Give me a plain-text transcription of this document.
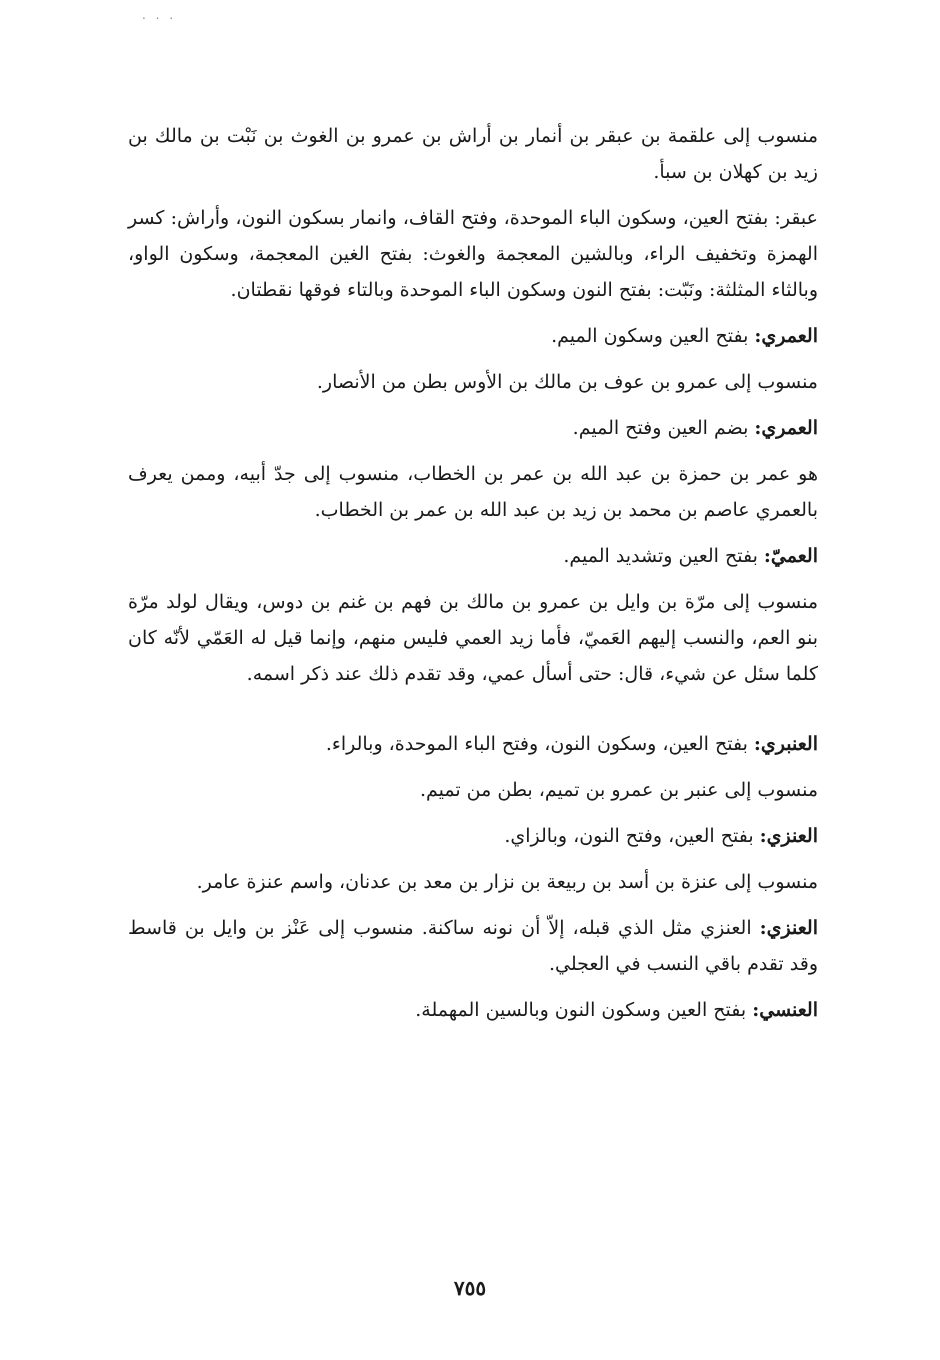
. . .

منسوب إلى علقمة بن عبقر بن أنمار بن أراش بن عمرو بن الغوث بن نَبْت بن مالك بن زيد بن كهلان بن سبأ.

عبقر: بفتح العين، وسكون الباء الموحدة، وفتح القاف، وانمار بسكون النون، وأراش: كسر الهمزة وتخفيف الراء، وبالشين المعجمة والغوث: بفتح الغين المعجمة، وسكون الواو، وبالثاء المثلثة: ونَبّت: بفتح النون وسكون الباء الموحدة وبالتاء فوقها نقطتان.

العمري: بفتح العين وسكون الميم.

منسوب إلى عمرو بن عوف بن مالك بن الأوس بطن من الأنصار.

العمري: بضم العين وفتح الميم.

هو عمر بن حمزة بن عبد الله بن عمر بن الخطاب، منسوب إلى جدّ أبيه، وممن يعرف بالعمري عاصم بن محمد بن زيد بن عبد الله بن عمر بن الخطاب.

العميّ: بفتح العين وتشديد الميم.

منسوب إلى مرّة بن وايل بن عمرو بن مالك بن فهم بن غنم بن دوس، ويقال لولد مرّة بنو العم، والنسب إليهم العَميّ، فأما زيد العمي فليس منهم، وإنما قيل له العَمّي لأنّه كان كلما سئل عن شيء، قال: حتى أسأل عمي، وقد تقدم ذلك عند ذكر اسمه.

العنبري: بفتح العين، وسكون النون، وفتح الباء الموحدة، وبالراء.

منسوب إلى عنبر بن عمرو بن تميم، بطن من تميم.

العنزي: بفتح العين، وفتح النون، وبالزاي.

منسوب إلى عنزة بن أسد بن ربيعة بن نزار بن معد بن عدنان، واسم عنزة عامر.

العنزي: العنزي مثل الذي قبله، إلاّ أن نونه ساكنة. منسوب إلى عَنْز بن وايل بن قاسط وقد تقدم باقي النسب في العجلي.

العنسي: بفتح العين وسكون النون وبالسين المهملة.

٧٥٥
